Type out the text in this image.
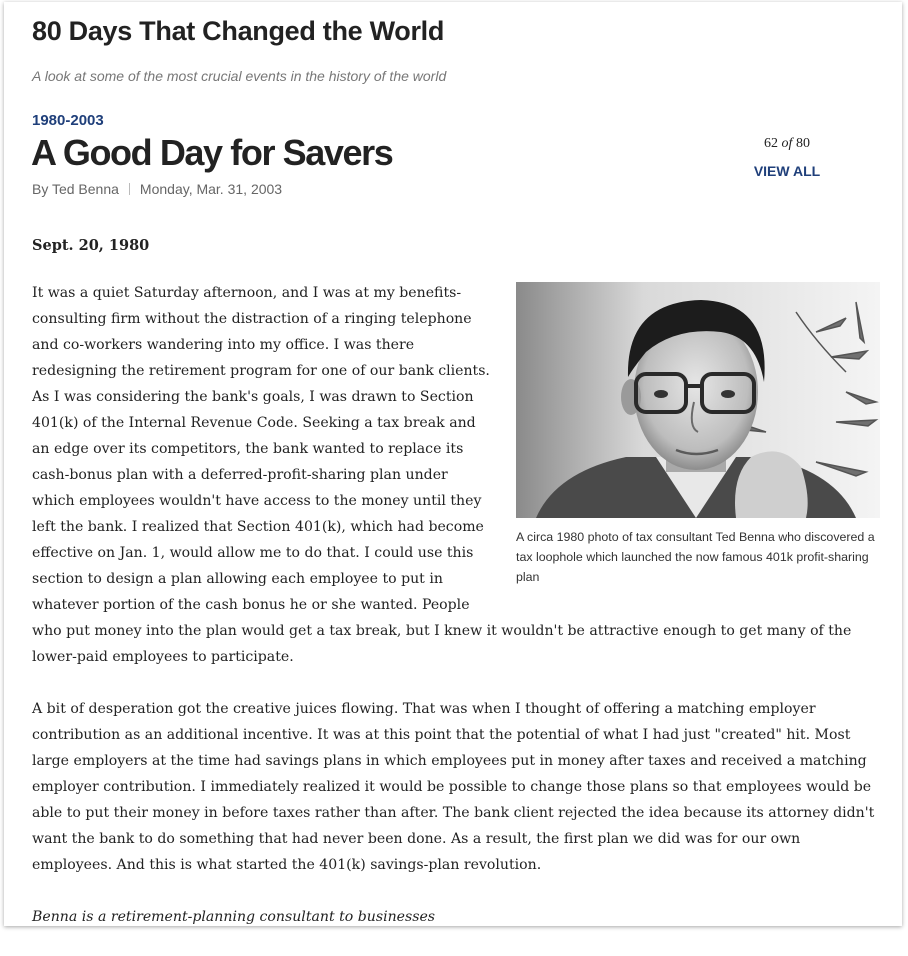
80 Days That Changed the World
A look at some of the most crucial events in the history of the world
1980-2003
A Good Day for Savers
By Ted Benna Monday, Mar. 31, 2003
62 of 80
VIEW ALL
Sept. 20, 1980
A circa 1980 photo of tax consultant Ted Benna who discovered a tax loophole which launched the now famous 401k profit-sharing plan

It was a quiet Saturday afternoon, and I was at my benefits-consulting firm without the distraction of a ringing telephone and co-workers wandering into my office. I was there redesigning the retirement program for one of our bank clients. As I was considering the bank's goals, I was drawn to Section 401(k) of the Internal Revenue Code. Seeking a tax break and an edge over its competitors, the bank wanted to replace its cash-bonus plan with a deferred-profit-sharing plan under which employees wouldn't have access to the money until they left the bank. I realized that Section 401(k), which had become effective on Jan. 1, would allow me to do that. I could use this section to design a plan allowing each employee to put in whatever portion of the cash bonus he or she wanted. People who put money into the plan would get a tax break, but I knew it wouldn't be attractive enough to get many of the lower-paid employees to participate.

A bit of desperation got the creative juices flowing. That was when I thought of offering a matching employer contribution as an additional incentive. It was at this point that the potential of what I had just "created" hit. Most large employers at the time had savings plans in which employees put in money after taxes and received a matching employer contribution. I immediately realized it would be possible to change those plans so that employees would be able to put their money in before taxes rather than after. The bank client rejected the idea because its attorney didn't want the bank to do something that had never been done. As a result, the first plan we did was for our own employees. And this is what started the 401(k) savings-plan revolution.

Benna is a retirement-planning consultant to businesses
